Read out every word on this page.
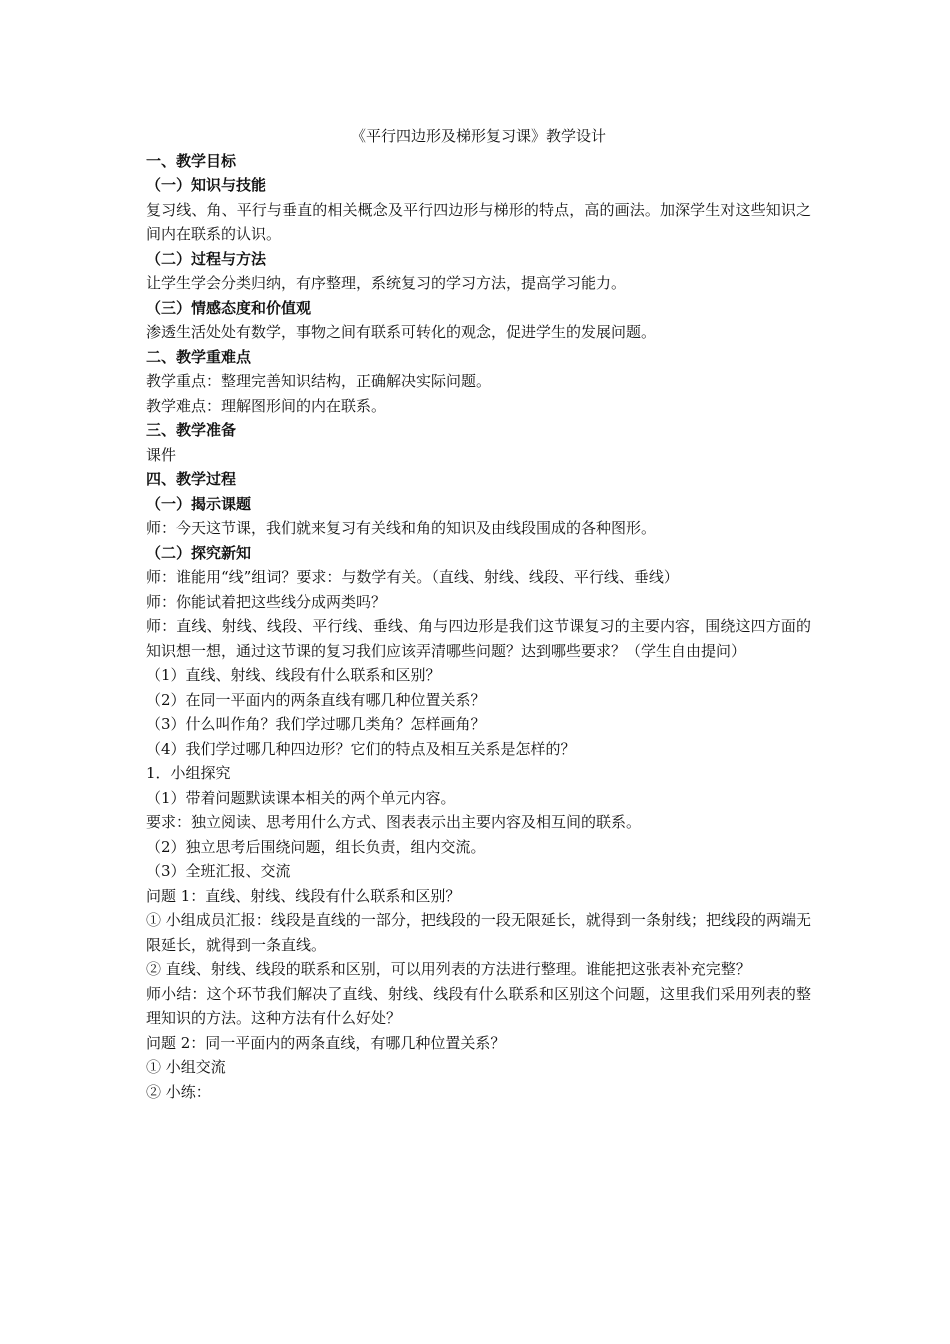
《平行四边形及梯形复习课》教学设计
一、教学目标
（一）知识与技能
复习线、角、平行与垂直的相关概念及平行四边形与梯形的特点，高的画法。加深学生对这些知识之间内在联系的认识。
（二）过程与方法
让学生学会分类归纳，有序整理，系统复习的学习方法，提高学习能力。
（三）情感态度和价值观
渗透生活处处有数学，事物之间有联系可转化的观念，促进学生的发展问题。
二、教学重难点
教学重点：整理完善知识结构，正确解决实际问题。
教学难点：理解图形间的内在联系。
三、教学准备
课件
四、教学过程
（一）揭示课题
师：今天这节课，我们就来复习有关线和角的知识及由线段围成的各种图形。
（二）探究新知
师：谁能用“线”组词？要求：与数学有关。（直线、射线、线段、平行线、垂线）
师：你能试着把这些线分成两类吗？
师：直线、射线、线段、平行线、垂线、角与四边形是我们这节课复习的主要内容，围绕这四方面的知识想一想，通过这节课的复习我们应该弄清哪些问题？达到哪些要求？（学生自由提问）
（1）直线、射线、线段有什么联系和区别？
（2）在同一平面内的两条直线有哪几种位置关系？
（3）什么叫作角？我们学过哪几类角？怎样画角？
（4）我们学过哪几种四边形？它们的特点及相互关系是怎样的？
1．小组探究
（1）带着问题默读课本相关的两个单元内容。
要求：独立阅读、思考用什么方式、图表表示出主要内容及相互间的联系。
（2）独立思考后围绕问题，组长负责，组内交流。
（3）全班汇报、交流
问题 1：直线、射线、线段有什么联系和区别？
① 小组成员汇报：线段是直线的一部分，把线段的一段无限延长，就得到一条射线；把线段的两端无限延长，就得到一条直线。
② 直线、射线、线段的联系和区别，可以用列表的方法进行整理。谁能把这张表补充完整？
师小结：这个环节我们解决了直线、射线、线段有什么联系和区别这个问题，这里我们采用列表的整理知识的方法。这种方法有什么好处？
问题 2：同一平面内的两条直线，有哪几种位置关系？
① 小组交流
② 小练：
